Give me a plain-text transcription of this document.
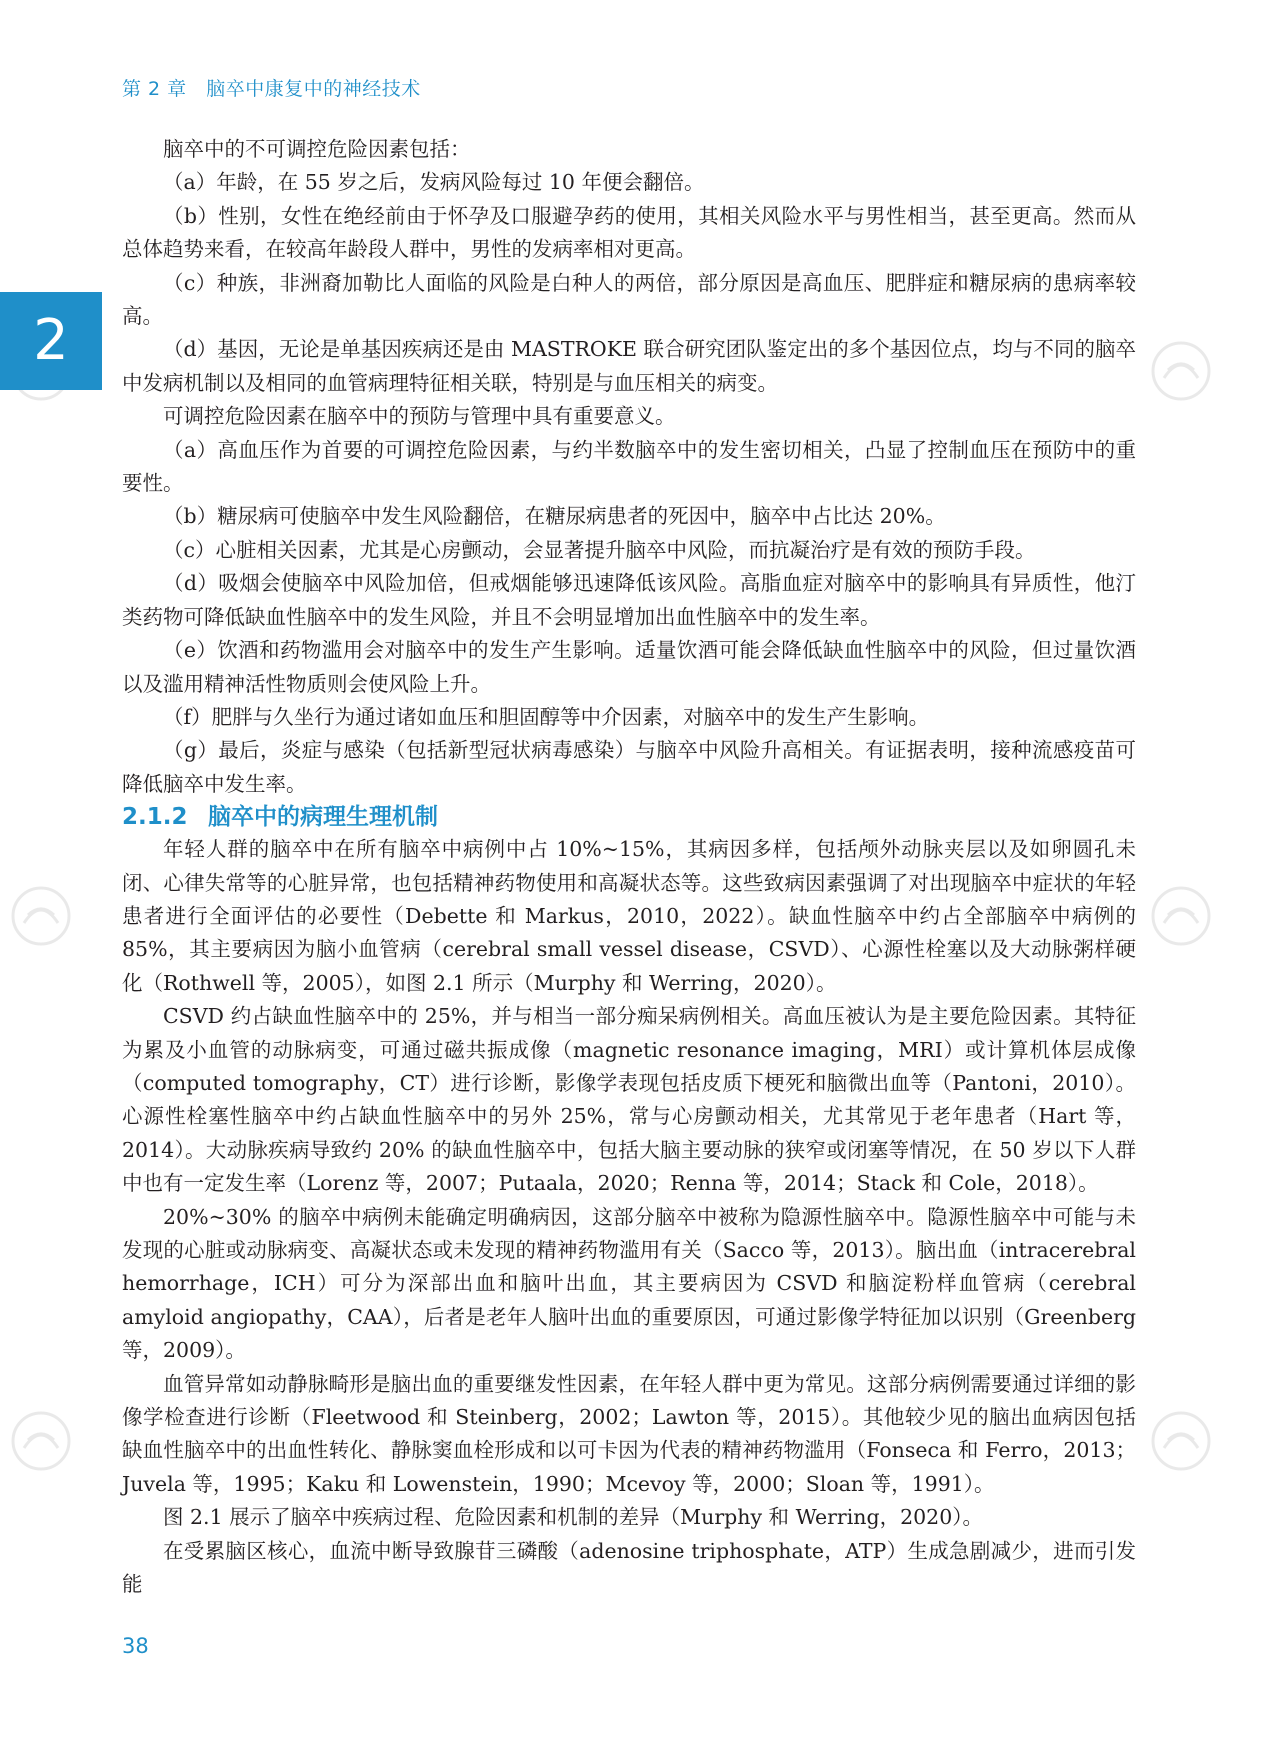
第 2 章 脑卒中康复中的神经技术
2

脑卒中的不可调控危险因素包括：

（a）年龄，在 55 岁之后，发病风险每过 10 年便会翻倍。

（b）性别，女性在绝经前由于怀孕及口服避孕药的使用，其相关风险水平与男性相当，甚至更高。然而从总体趋势来看，在较高年龄段人群中，男性的发病率相对更高。

（c）种族，非洲裔加勒比人面临的风险是白种人的两倍，部分原因是高血压、肥胖症和糖尿病的患病率较高。

（d）基因，无论是单基因疾病还是由 MASTROKE 联合研究团队鉴定出的多个基因位点，均与不同的脑卒中发病机制以及相同的血管病理特征相关联，特别是与血压相关的病变。

可调控危险因素在脑卒中的预防与管理中具有重要意义。

（a）高血压作为首要的可调控危险因素，与约半数脑卒中的发生密切相关，凸显了控制血压在预防中的重要性。

（b）糖尿病可使脑卒中发生风险翻倍，在糖尿病患者的死因中，脑卒中占比达 20%。

（c）心脏相关因素，尤其是心房颤动，会显著提升脑卒中风险，而抗凝治疗是有效的预防手段。

（d）吸烟会使脑卒中风险加倍，但戒烟能够迅速降低该风险。高脂血症对脑卒中的影响具有异质性，他汀类药物可降低缺血性脑卒中的发生风险，并且不会明显增加出血性脑卒中的发生率。

（e）饮酒和药物滥用会对脑卒中的发生产生影响。适量饮酒可能会降低缺血性脑卒中的风险，但过量饮酒以及滥用精神活性物质则会使风险上升。

（f）肥胖与久坐行为通过诸如血压和胆固醇等中介因素，对脑卒中的发生产生影响。

（g）最后，炎症与感染（包括新型冠状病毒感染）与脑卒中风险升高相关。有证据表明，接种流感疫苗可降低脑卒中发生率。

2.1.2 脑卒中的病理生理机制

年轻人群的脑卒中在所有脑卒中病例中占 10%~15%，其病因多样，包括颅外动脉夹层以及如卵圆孔未闭、心律失常等的心脏异常，也包括精神药物使用和高凝状态等。这些致病因素强调了对出现脑卒中症状的年轻患者进行全面评估的必要性（Debette 和 Markus，2010，2022）。缺血性脑卒中约占全部脑卒中病例的 85%，其主要病因为脑小血管病（cerebral small vessel disease，CSVD）、心源性栓塞以及大动脉粥样硬化（Rothwell 等，2005），如图 2.1 所示（Murphy 和 Werring，2020）。

CSVD 约占缺血性脑卒中的 25%，并与相当一部分痴呆病例相关。高血压被认为是主要危险因素。其特征为累及小血管的动脉病变，可通过磁共振成像（magnetic resonance imaging，MRI）或计算机体层成像（computed tomography，CT）进行诊断，影像学表现包括皮质下梗死和脑微出血等（Pantoni，2010）。心源性栓塞性脑卒中约占缺血性脑卒中的另外 25%，常与心房颤动相关，尤其常见于老年患者（Hart 等，2014）。大动脉疾病导致约 20% 的缺血性脑卒中，包括大脑主要动脉的狭窄或闭塞等情况，在 50 岁以下人群中也有一定发生率（Lorenz 等，2007；Putaala，2020；Renna 等，2014；Stack 和 Cole，2018）。

20%~30% 的脑卒中病例未能确定明确病因，这部分脑卒中被称为隐源性脑卒中。隐源性脑卒中可能与未发现的心脏或动脉病变、高凝状态或未发现的精神药物滥用有关（Sacco 等，2013）。脑出血（intracerebral hemorrhage，ICH）可分为深部出血和脑叶出血，其主要病因为 CSVD 和脑淀粉样血管病（cerebral amyloid angiopathy，CAA），后者是老年人脑叶出血的重要原因，可通过影像学特征加以识别（Greenberg 等，2009）。

血管异常如动静脉畸形是脑出血的重要继发性因素，在年轻人群中更为常见。这部分病例需要通过详细的影像学检查进行诊断（Fleetwood 和 Steinberg，2002；Lawton 等，2015）。其他较少见的脑出血病因包括缺血性脑卒中的出血性转化、静脉窦血栓形成和以可卡因为代表的精神药物滥用（Fonseca 和 Ferro，2013；Juvela 等，1995；Kaku 和 Lowenstein，1990；Mcevoy 等，2000；Sloan 等，1991）。

图 2.1 展示了脑卒中疾病过程、危险因素和机制的差异（Murphy 和 Werring，2020）。

在受累脑区核心，血流中断导致腺苷三磷酸（adenosine triphosphate，ATP）生成急剧减少，进而引发能

38
